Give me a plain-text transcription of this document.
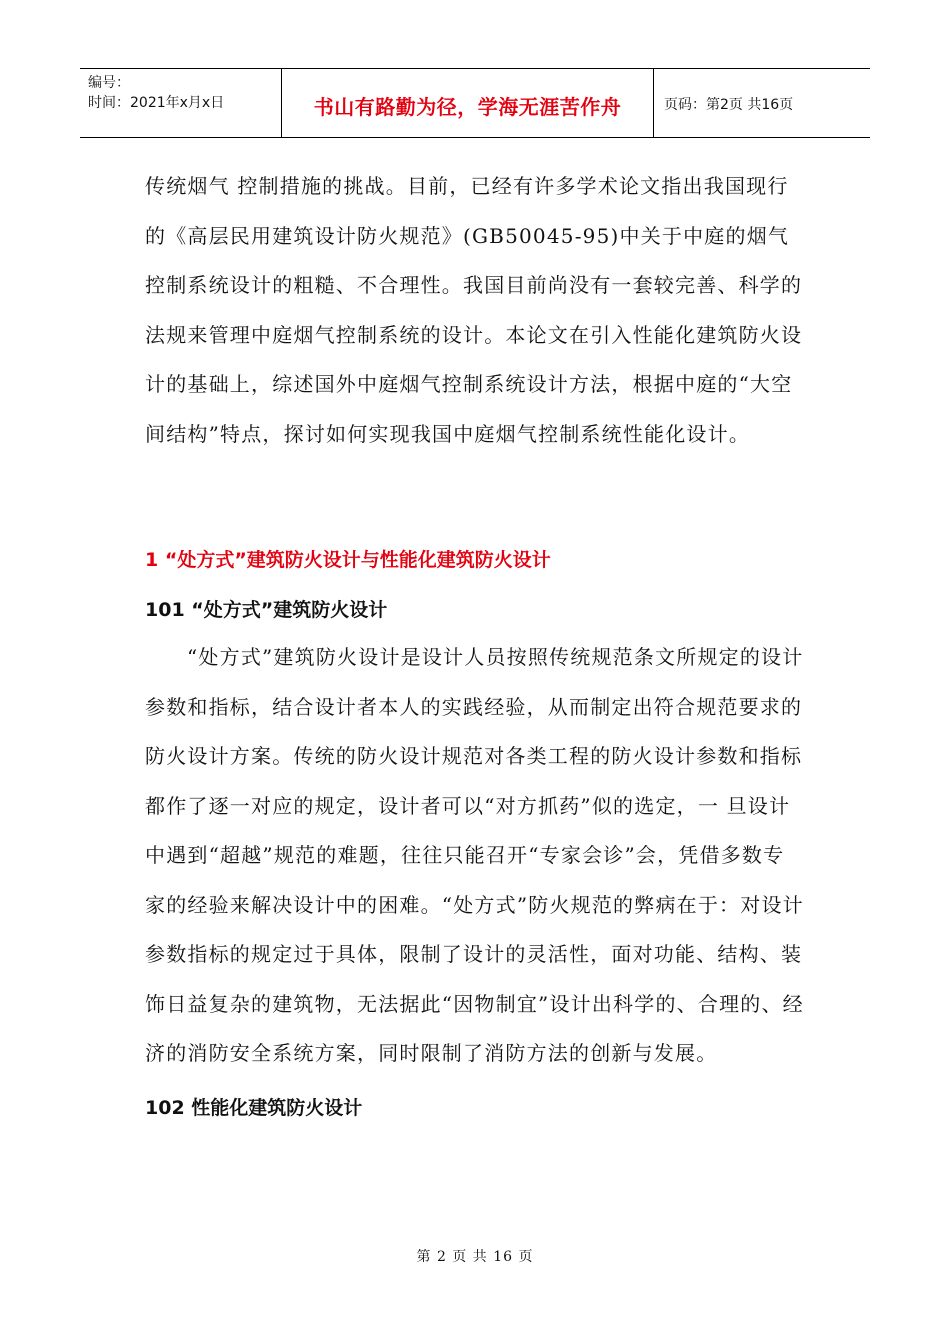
编号：
时间：2021年x月x日	书山有路勤为径，学海无涯苦作舟	页码：第2页 共16页

传统烟气 控制措施的挑战。目前，已经有许多学术论文指出我国现行的《高层民用建筑设计防火规范》(GB50045-95)中关于中庭的烟气控制系统设计的粗糙、不合理性。我国目前尚没有一套较完善、科学的法规来管理中庭烟气控制系统的设计。本论文在引入性能化建筑防火设计的基础上，综述国外中庭烟气控制系统设计方法，根据中庭的“大空间结构”特点，探讨如何实现我国中庭烟气控制系统性能化设计。

1 “处方式”建筑防火设计与性能化建筑防火设计
101 “处方式”建筑防火设计

“处方式”建筑防火设计是设计人员按照传统规范条文所规定的设计参数和指标，结合设计者本人的实践经验，从而制定出符合规范要求的防火设计方案。传统的防火设计规范对各类工程的防火设计参数和指标都作了逐一对应的规定，设计者可以“对方抓药”似的选定，一 旦设计中遇到“超越”规范的难题，往往只能召开“专家会诊”会，凭借多数专家的经验来解决设计中的困难。“处方式”防火规范的弊病在于：对设计参数指标的规定过于具体，限制了设计的灵活性，面对功能、结构、装饰日益复杂的建筑物，无法据此“因物制宜”设计出科学的、合理的、经济的消防安全系统方案，同时限制了消防方法的创新与发展。

102 性能化建筑防火设计
第 2 页 共 16 页
